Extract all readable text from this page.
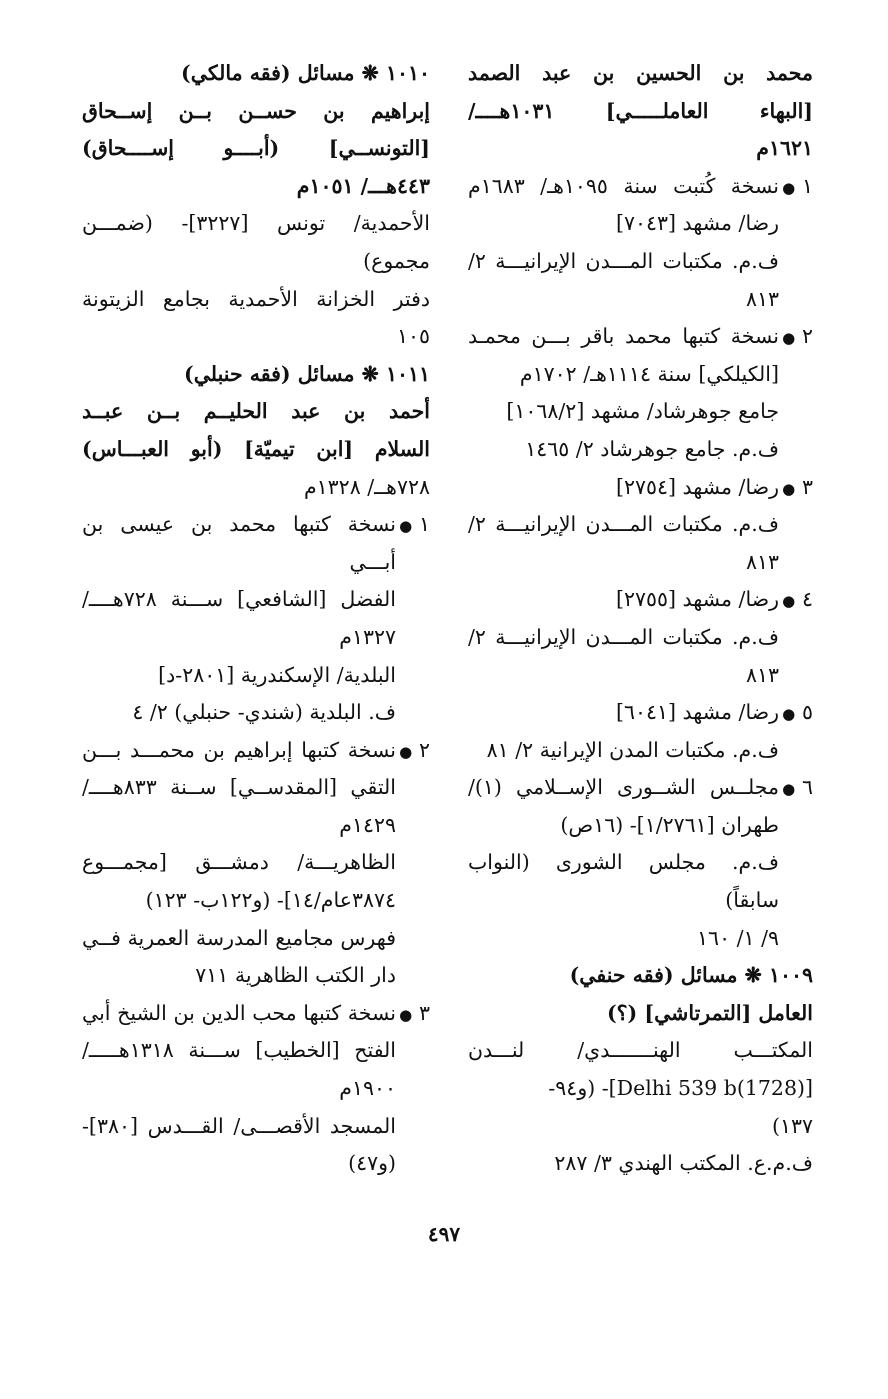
محمد بن الحسين بن عبد الصمد
[البهاء العاملـــــي] ١٠٣١هــــ/
١٦٢١م
١ ●
نسخة كُتبت سنة ١٠٩٥هـ/ ١٦٨٣م
رضا/ مشهد [٧٠٤٣]
ف.م. مكتبات المـــدن الإيرانيـــة ٢/
٨١٣
٢ ●
نسخة كتبها محمد باقر بـــن محمـد
[الكيلكي] سنة ١١١٤هـ/ ١٧٠٢م
جامع جوهرشاد/ مشهد [١٠٦٨/٢]
ف.م. جامع جوهرشاد ٢/ ١٤٦٥
٣ ●
رضا/ مشهد [٢٧٥٤]
ف.م. مكتبات المـــدن الإيرانيـــة ٢/
٨١٣
٤ ●
رضا/ مشهد [٢٧٥٥]
ف.م. مكتبات المـــدن الإيرانيـــة ٢/
٨١٣
٥ ●
رضا/ مشهد [٦٠٤١]
ف.م. مكتبات المدن الإيرانية ٢/ ٨١
٦ ●
مجلــس الشــورى الإســلامي (١)/
طهران [١/٢٧٦١]- (١٦ص)
ف.م. مجلس الشورى (النواب سابقاً)
٩/ ١/ ١٦٠
١٠٠٩ ❋ مسائل (فقه حنفي)
العامل [التمرتاشي] (؟)
المكتـــب الهنـــــــدي/ لنـــدن
[Delhi 539 b(1728)]- (و٩٤-
١٣٧)
ف.م.ع. المكتب الهندي ٣/ ٢٨٧
١٠١٠ ❋ مسائل (فقه مالكي)
إبراهيم بن حســن بــن إســحاق
[التونســي] (أبــــو إســــحاق)
٤٤٣هـــ/ ١٠٥١م
الأحمدية/ تونس [٣٢٢٧]- (ضمـــن
مجموع)
دفتر الخزانة الأحمدية بجامع الزيتونة
١٠٥
١٠١١ ❋ مسائل (فقه حنبلي)
أحمد بن عبد الحليــم بــن عبــد
السلام [ابن تيميّة] (أبو العبـــاس)
٧٢٨هــ/ ١٣٢٨م
١ ●
نسخة كتبها محمد بن عيسى بن أبـــي
الفضل [الشافعي] ســـنة ٧٢٨هــــ/
١٣٢٧م
البلدية/ الإسكندرية [٢٨٠١-د]
ف. البلدية (شندي- حنبلي) ٢/ ٤
٢ ●
نسخة كتبها إبراهيم بن محمـــد بـــن
التقي [المقدســي] ســنة ٨٣٣هــــ/
١٤٢٩م
الظاهريـــة/ دمشـــق [مجمـــوع
٣٨٧٤عام/١٤]- (و١٢٢ب- ١٢٣)
فهرس مجاميع المدرسة العمرية فــي
دار الكتب الظاهرية ٧١١
٣ ●
نسخة كتبها محب الدين بن الشيخ أبي
الفتح [الخطيب] ســـنة ١٣١٨هـــــ/
١٩٠٠م
المسجد الأقصـــى/ القـــدس [٣٨٠]-
(و٤٧)
٤٩٧
